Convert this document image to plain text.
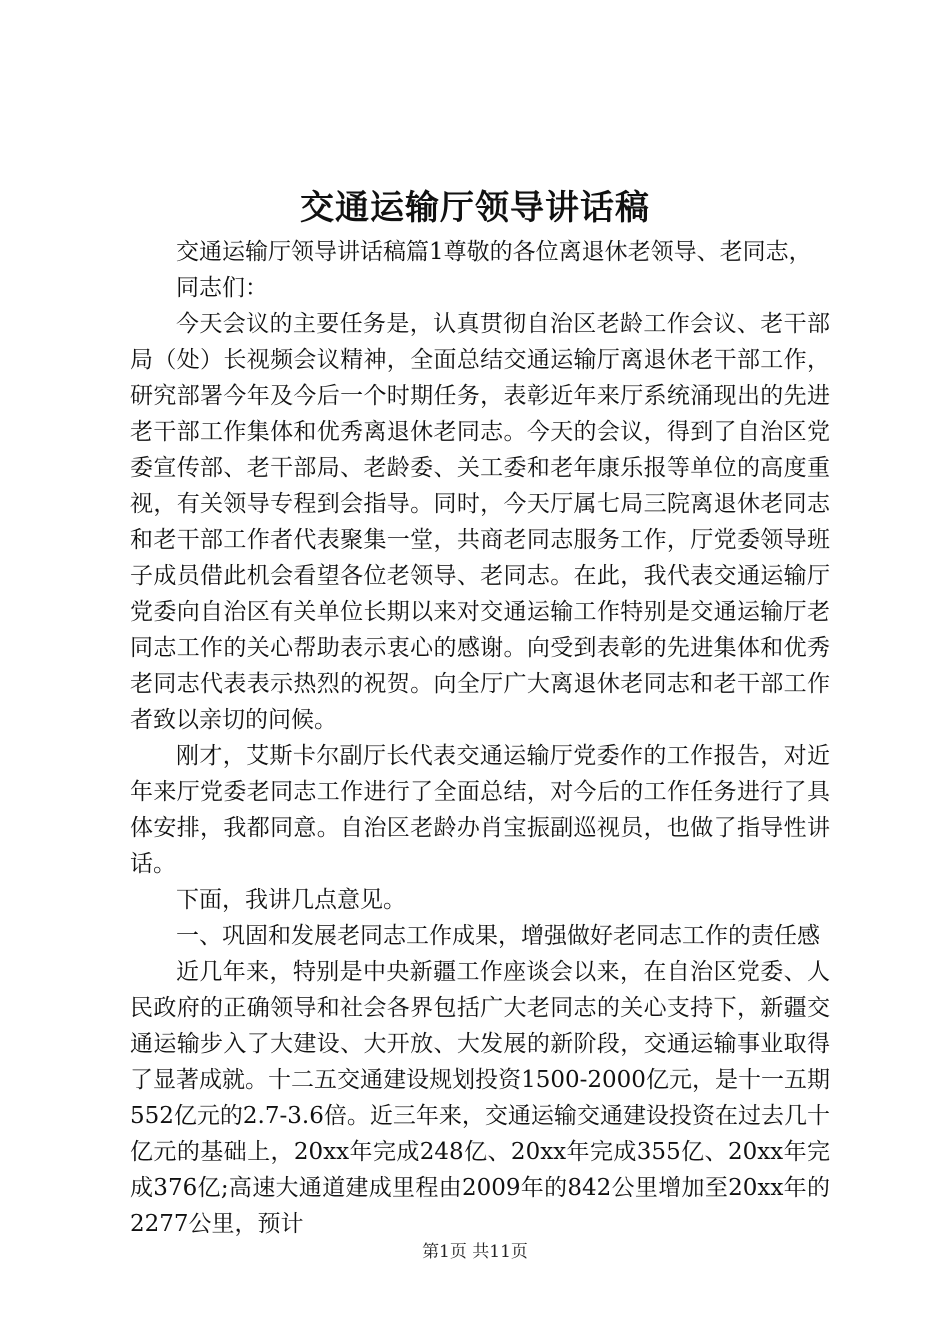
交通运输厅领导讲话稿

交通运输厅领导讲话稿篇1尊敬的各位离退休老领导、老同志，

同志们：

今天会议的主要任务是，认真贯彻自治区老龄工作会议、老干部局（处）长视频会议精神，全面总结交通运输厅离退休老干部工作，研究部署今年及今后一个时期任务，表彰近年来厅系统涌现出的先进老干部工作集体和优秀离退休老同志。今天的会议，得到了自治区党委宣传部、老干部局、老龄委、关工委和老年康乐报等单位的高度重视，有关领导专程到会指导。同时，今天厅属七局三院离退休老同志和老干部工作者代表聚集一堂，共商老同志服务工作，厅党委领导班子成员借此机会看望各位老领导、老同志。在此，我代表交通运输厅党委向自治区有关单位长期以来对交通运输工作特别是交通运输厅老同志工作的关心帮助表示衷心的感谢。向受到表彰的先进集体和优秀老同志代表表示热烈的祝贺。向全厅广大离退休老同志和老干部工作者致以亲切的问候。

刚才，艾斯卡尔副厅长代表交通运输厅党委作的工作报告，对近年来厅党委老同志工作进行了全面总结，对今后的工作任务进行了具体安排，我都同意。自治区老龄办肖宝振副巡视员，也做了指导性讲话。

下面，我讲几点意见。

一、巩固和发展老同志工作成果，增强做好老同志工作的责任感

近几年来，特别是中央新疆工作座谈会以来，在自治区党委、人民政府的正确领导和社会各界包括广大老同志的关心支持下，新疆交通运输步入了大建设、大开放、大发展的新阶段，交通运输事业取得了显著成就。十二五交通建设规划投资1500-2000亿元，是十一五期552亿元的2.7-3.6倍。近三年来，交通运输交通建设投资在过去几十亿元的基础上，20xx年完成248亿、20xx年完成355亿、20xx年完成376亿;高速大通道建成里程由2009年的842公里增加至20xx年的2277公里，预计

第1页 共11页
